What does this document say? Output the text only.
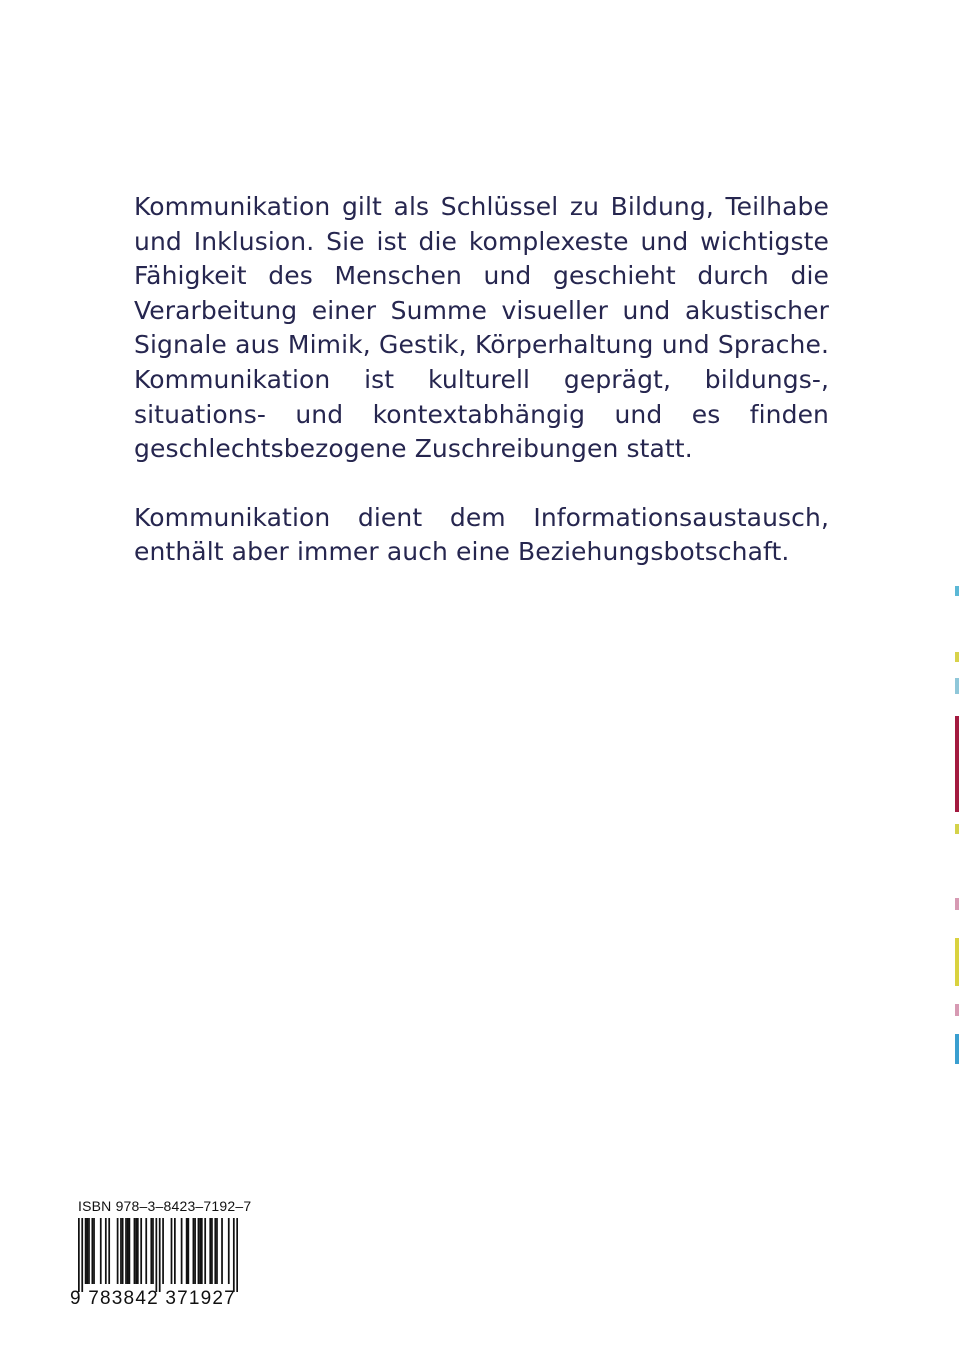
Kommunikation gilt als Schlüssel zu Bildung, Teilhabe und Inklusion. Sie ist die komplexeste und wichtigste Fähigkeit des Menschen und geschieht durch die Verarbeitung einer Summe visueller und akustischer Signale aus Mimik, Gestik, Körperhaltung und Sprache. Kommunikation ist kulturell geprägt, bildungs-, situations- und kontextabhängig und es finden geschlechtsbezogene Zuschreibungen statt.

Kommunikation dient dem Informationsaustausch, enthält aber immer auch eine Beziehungsbotschaft.

ISBN 978–3–8423–7192–7
9 783842 371927
